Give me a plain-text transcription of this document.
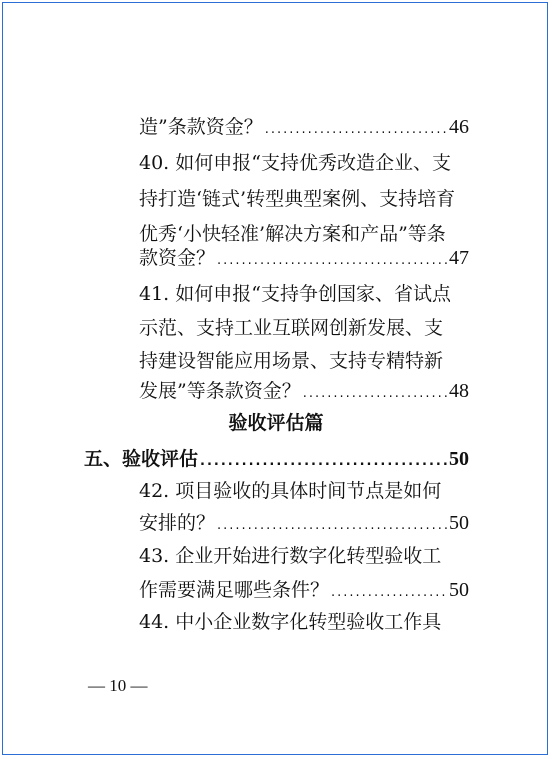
造”条款资金？ .....	46
40. 如何申报“支持优秀改造企业、支
持打造‘链式’转型典型案例、支持培育
优秀‘小快轻准’解决方案和产品”等条
款资金？ .....	47
41. 如何申报“支持争创国家、省试点
示范、支持工业互联网创新发展、支
持建设智能应用场景、支持专精特新
发展”等条款资金？ .....	48
验收评估篇
五、验收评估 .....	50
42. 项目验收的具体时间节点是如何
安排的？ .....	50
43. 企业开始进行数字化转型验收工
作需要满足哪些条件？ .....	50
44. 中小企业数字化转型验收工作具
— 10 —
